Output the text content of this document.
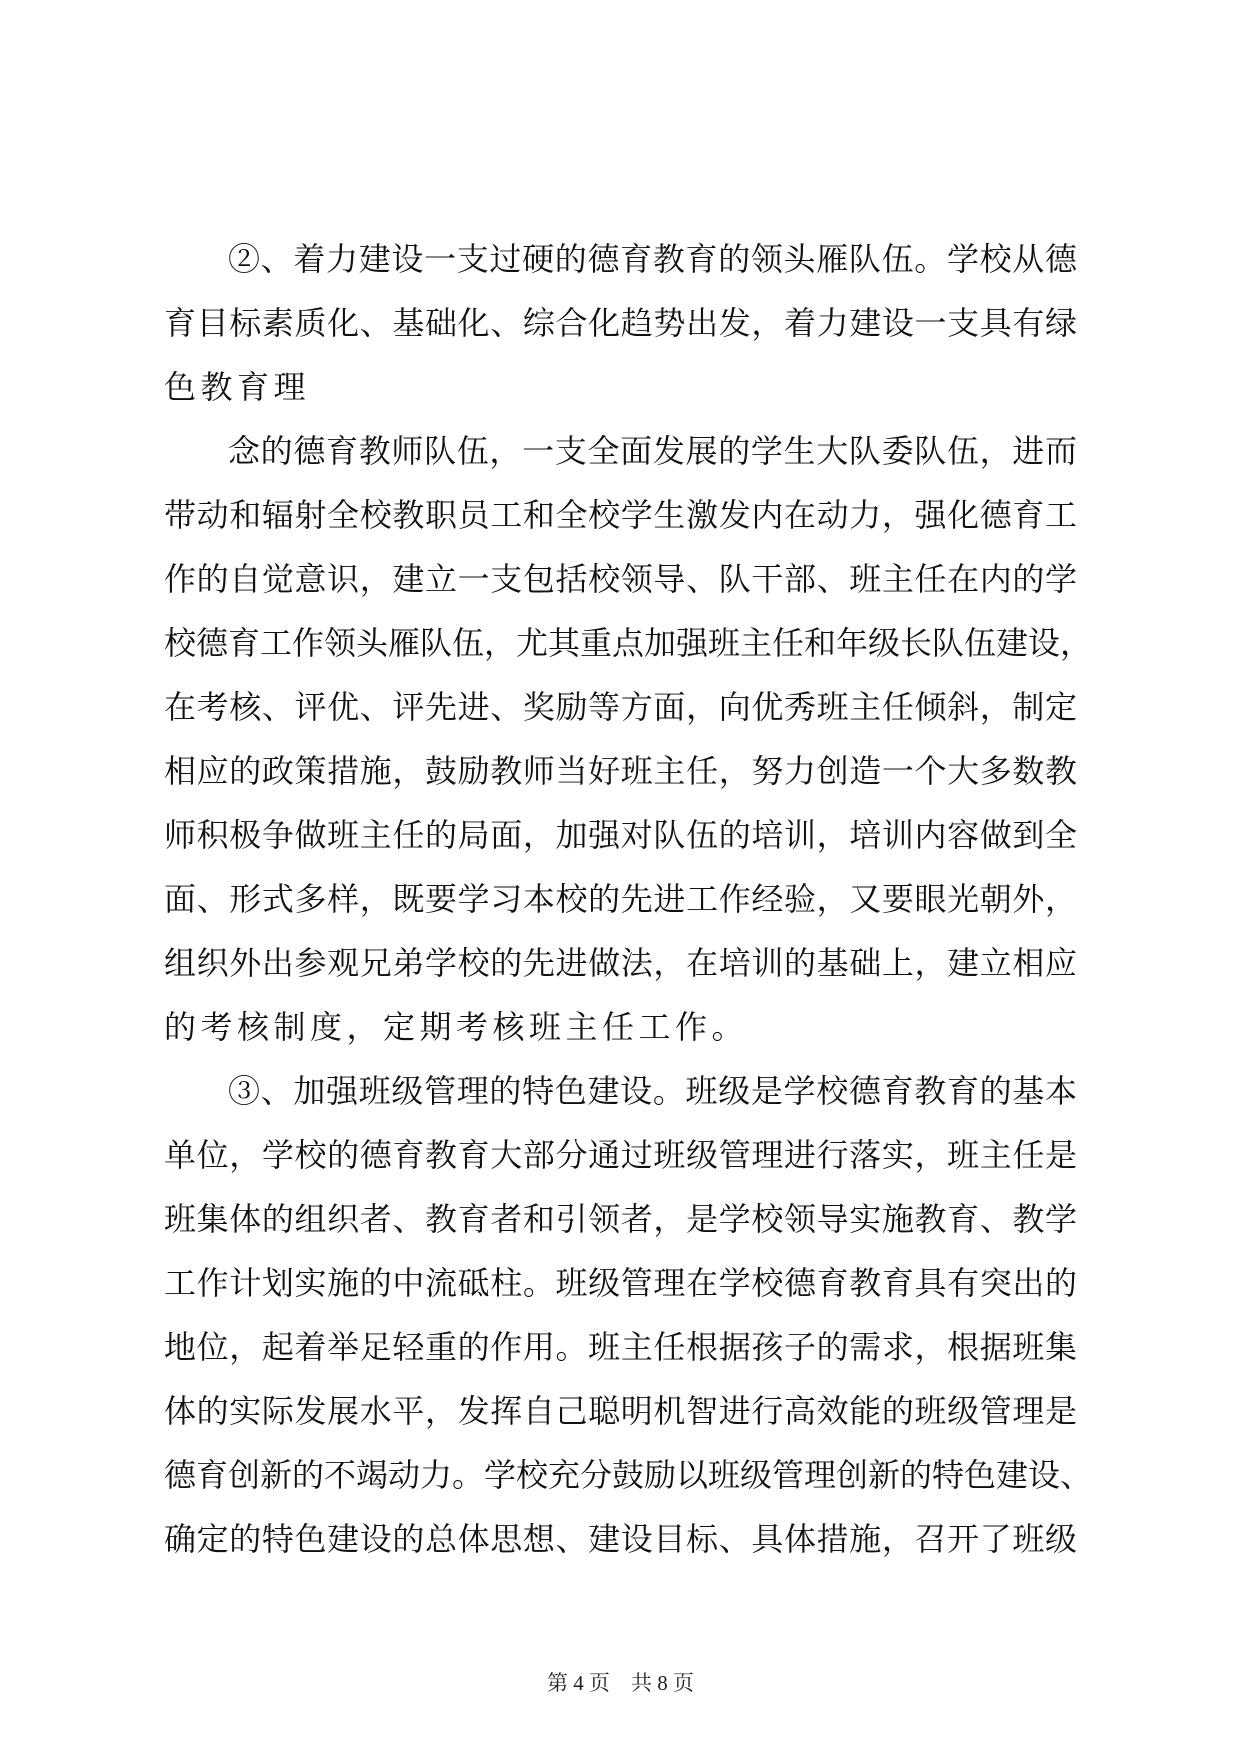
②、着力建设一支过硬的德育教育的领头雁队伍。学校从德
育目标素质化、基础化、综合化趋势出发，着力建设一支具有绿
色教育理
念的德育教师队伍，一支全面发展的学生大队委队伍，进而
带动和辐射全校教职员工和全校学生激发内在动力，强化德育工
作的自觉意识，建立一支包括校领导、队干部、班主任在内的学
校德育工作领头雁队伍，尤其重点加强班主任和年级长队伍建设，
在考核、评优、评先进、奖励等方面，向优秀班主任倾斜，制定
相应的政策措施，鼓励教师当好班主任，努力创造一个大多数教
师积极争做班主任的局面，加强对队伍的培训，培训内容做到全
面、形式多样，既要学习本校的先进工作经验，又要眼光朝外，
组织外出参观兄弟学校的先进做法，在培训的基础上，建立相应
的考核制度，定期考核班主任工作。
③、加强班级管理的特色建设。班级是学校德育教育的基本
单位，学校的德育教育大部分通过班级管理进行落实，班主任是
班集体的组织者、教育者和引领者，是学校领导实施教育、教学
工作计划实施的中流砥柱。班级管理在学校德育教育具有突出的
地位，起着举足轻重的作用。班主任根据孩子的需求，根据班集
体的实际发展水平，发挥自己聪明机智进行高效能的班级管理是
德育创新的不竭动力。学校充分鼓励以班级管理创新的特色建设、
确定的特色建设的总体思想、建设目标、具体措施，召开了班级
第 4 页 共 8 页
